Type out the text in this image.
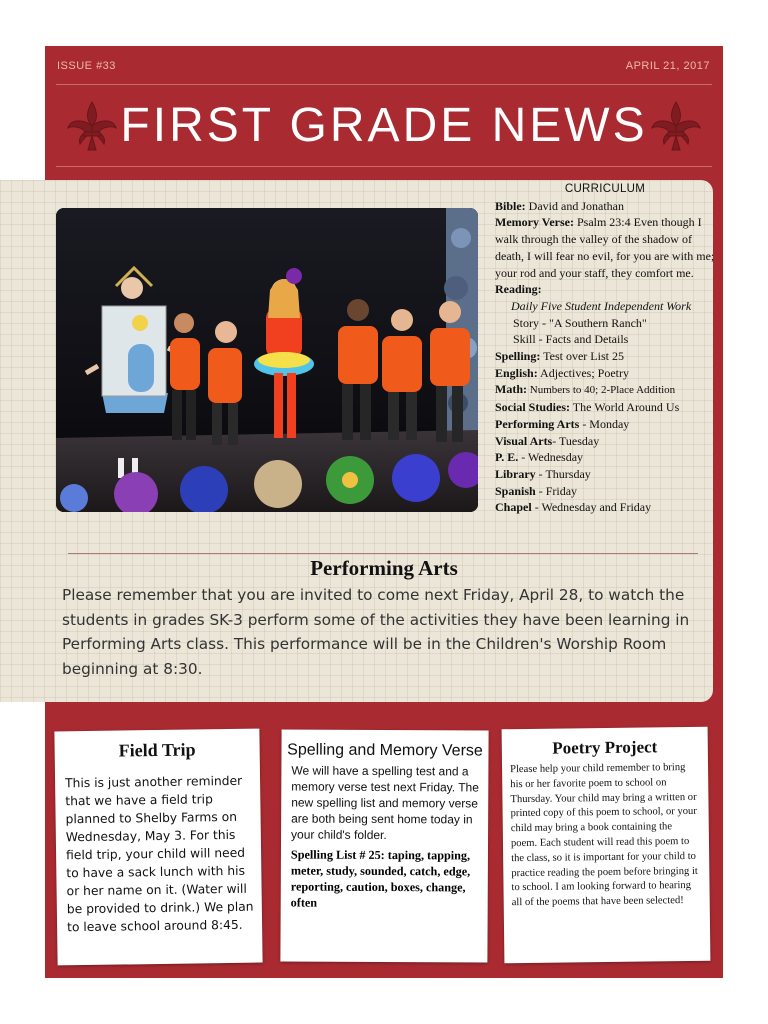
ISSUE #33	APRIL 21, 2017
FIRST GRADE NEWS
CURRICULUM
Bible: David and Jonathan
Memory Verse: Psalm 23:4 Even though I walk through the valley of the shadow of death, I will fear no evil, for you are with me; your rod and your staff, they comfort me.
Reading:
Daily Five Student Independent Work
Story - "A Southern Ranch"
Skill - Facts and Details
Spelling: Test over List 25
English: Adjectives; Poetry
Math: Numbers to 40; 2-Place Addition
Social Studies: The World Around Us
Performing Arts - Monday
Visual Arts- Tuesday
P. E. - Wednesday
Library - Thursday
Spanish - Friday
Chapel - Wednesday and Friday
Performing Arts
Please remember that you are invited to come next Friday, April 28, to watch the students in grades SK-3 perform some of the activities they have been learning in Performing Arts class. This performance will be in the Children's Worship Room beginning at 8:30.
Field Trip
This is just another reminder that we have a field trip planned to Shelby Farms on Wednesday, May 3. For this field trip, your child will need to have a sack lunch with his or her name on it. (Water will be provided to drink.) We plan to leave school around 8:45.
Spelling and Memory Verse
We will have a spelling test and a memory verse test next Friday. The new spelling list and memory verse are both being sent home today in your child's folder.
Spelling List # 25: taping, tapping, meter, study, sounded, catch, edge, reporting, caution, boxes, change, often
Poetry Project
Please help your child remember to bring his or her favorite poem to school on Thursday. Your child may bring a written or printed copy of this poem to school, or your child may bring a book containing the poem. Each student will read this poem to the class, so it is important for your child to practice reading the poem before bringing it to school. I am looking forward to hearing all of the poems that have been selected!
